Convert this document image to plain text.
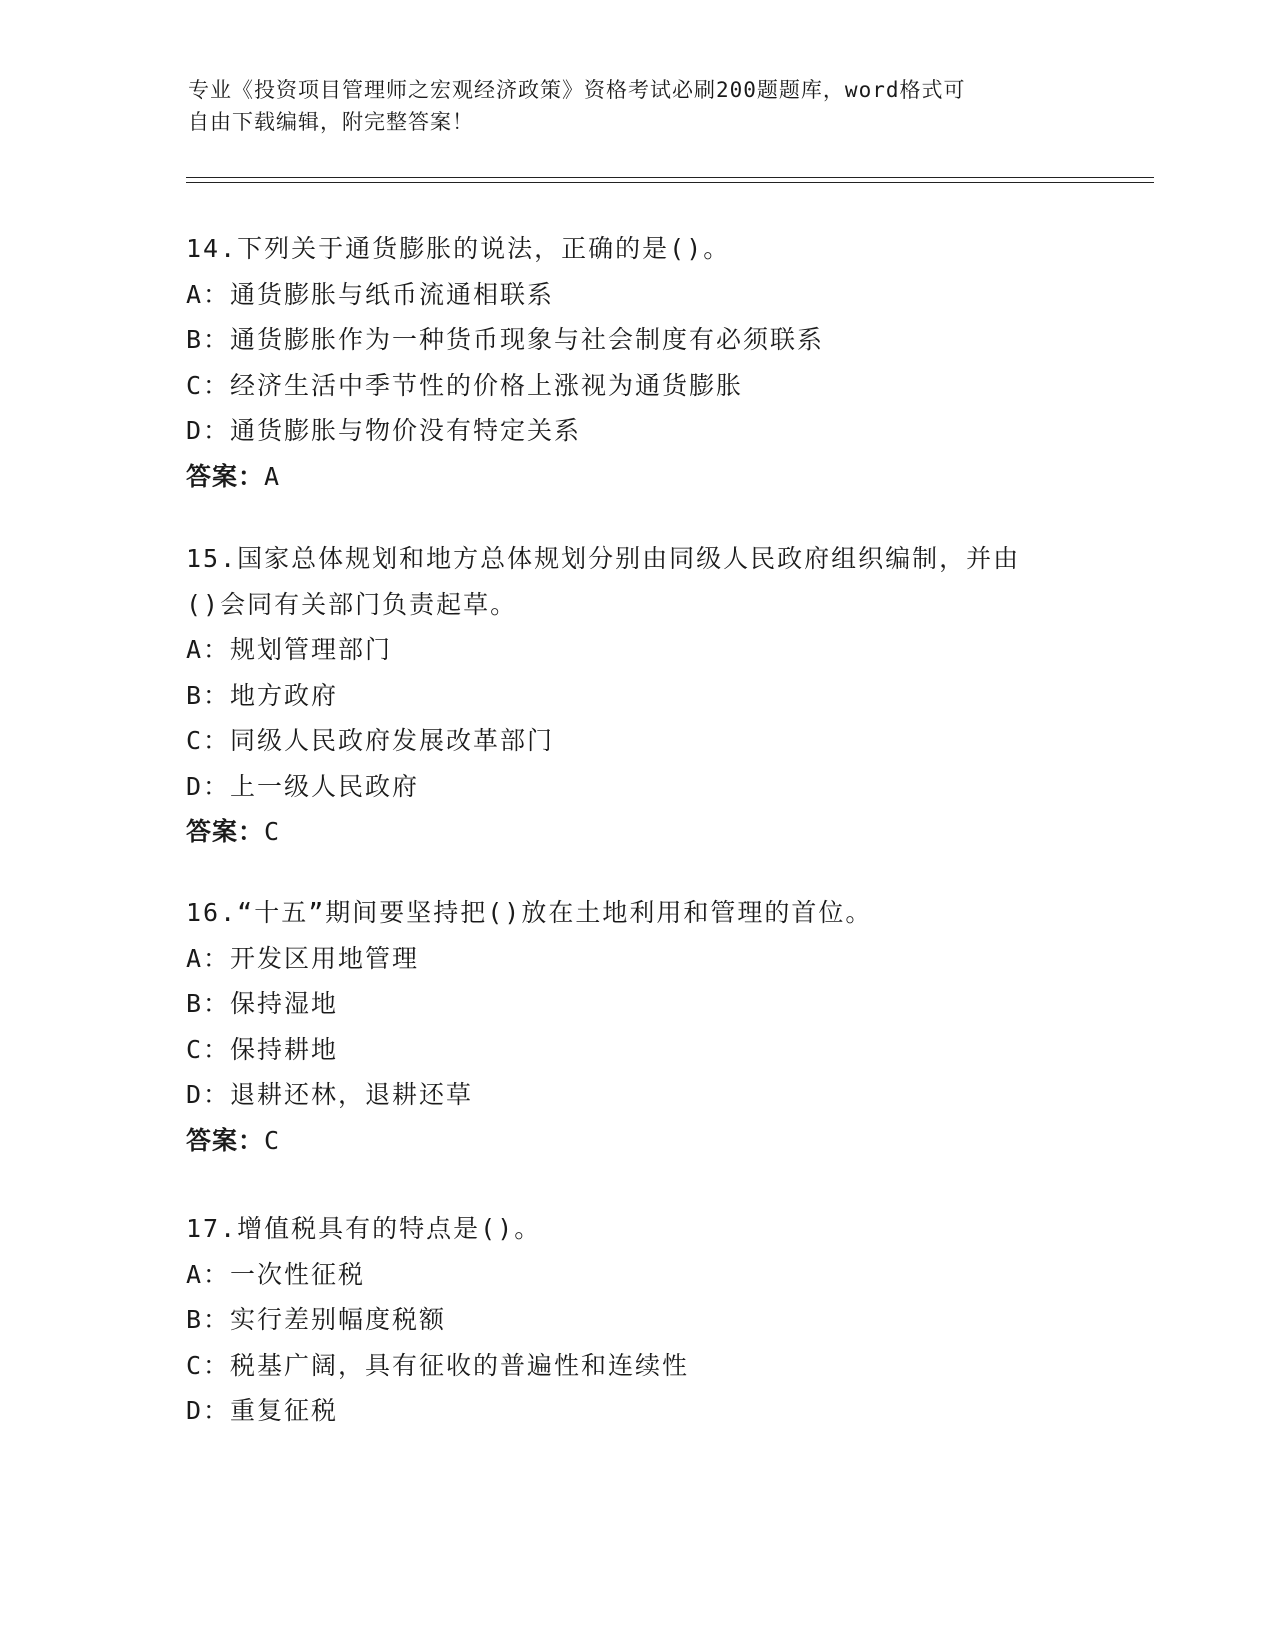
专业《投资项目管理师之宏观经济政策》资格考试必刷200题题库，word格式可
自由下载编辑，附完整答案！
14.下列关于通货膨胀的说法，正确的是()。
A：通货膨胀与纸币流通相联系
B：通货膨胀作为一种货币现象与社会制度有必须联系
C：经济生活中季节性的价格上涨视为通货膨胀
D：通货膨胀与物价没有特定关系
答案：A
15.国家总体规划和地方总体规划分别由同级人民政府组织编制，并由
()会同有关部门负责起草。
A：规划管理部门
B：地方政府
C：同级人民政府发展改革部门
D：上一级人民政府
答案：C
16.“十五”期间要坚持把()放在土地利用和管理的首位。
A：开发区用地管理
B：保持湿地
C：保持耕地
D：退耕还林，退耕还草
答案：C
17.增值税具有的特点是()。
A：一次性征税
B：实行差别幅度税额
C：税基广阔，具有征收的普遍性和连续性
D：重复征税
